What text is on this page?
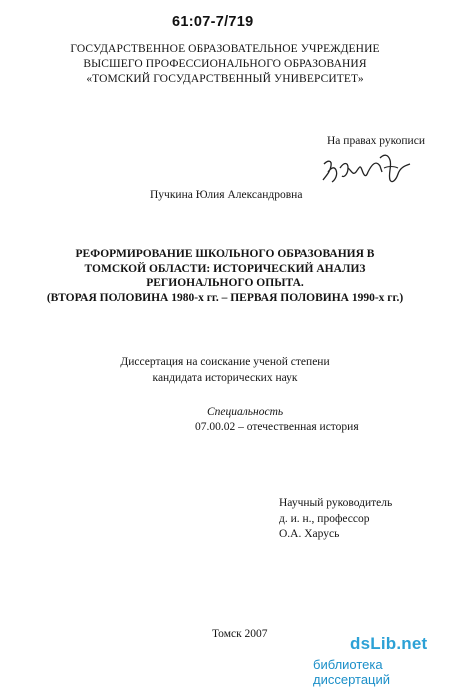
61:07-7/719
ГОСУДАРСТВЕННОЕ ОБРАЗОВАТЕЛЬНОЕ УЧРЕЖДЕНИЕ
ВЫСШЕГО ПРОФЕССИОНАЛЬНОГО ОБРАЗОВАНИЯ
«ТОМСКИЙ ГОСУДАРСТВЕННЫЙ УНИВЕРСИТЕТ»
На правах рукописи
Пучкина Юлия Александровна
РЕФОРМИРОВАНИЕ ШКОЛЬНОГО ОБРАЗОВАНИЯ В
ТОМСКОЙ ОБЛАСТИ: ИСТОРИЧЕСКИЙ АНАЛИЗ
РЕГИОНАЛЬНОГО ОПЫТА.
(ВТОРАЯ ПОЛОВИНА 1980-х гг. – ПЕРВАЯ ПОЛОВИНА 1990-х гг.)
Диссертация на соискание ученой степени
кандидата исторических наук
Специальность
07.00.02 – отечественная история
Научный руководитель
д. и. н., профессор
О.А. Харусь
Томск 2007	dsLib.net
библиотека диссертаций
